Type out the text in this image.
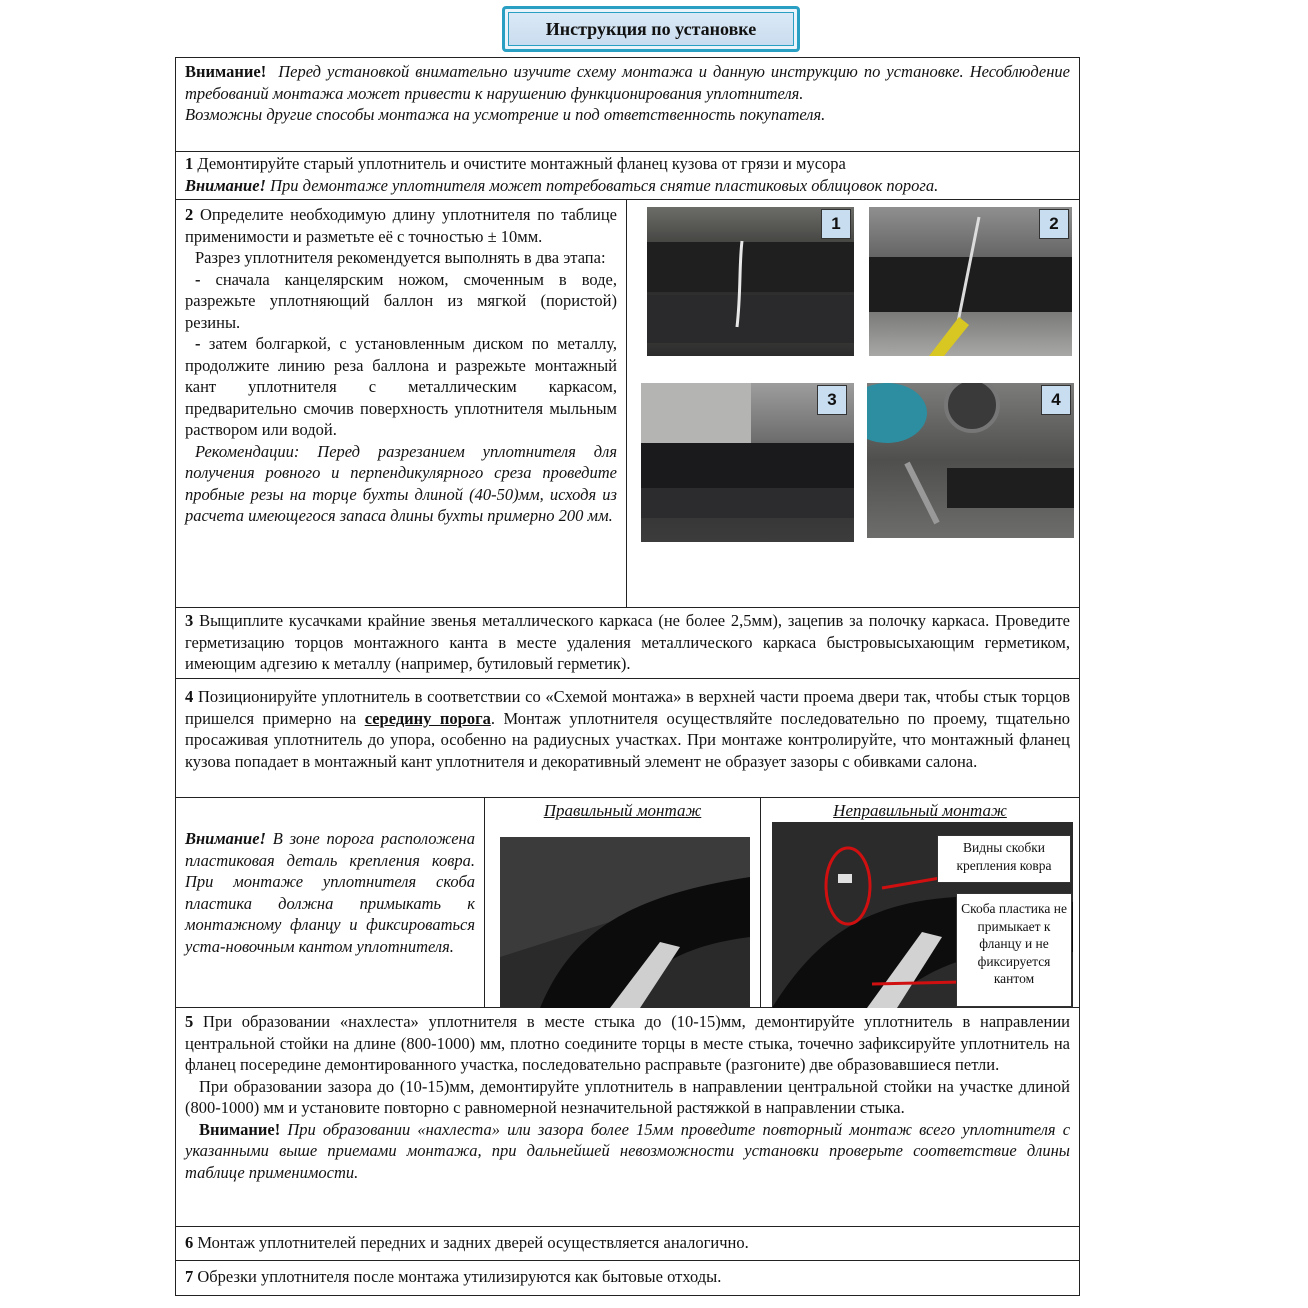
Инструкция по установке

Внимание! Перед установкой внимательно изучите схему монтажа и данную инструкцию по установке. Несоблюдение требований монтажа может привести к нарушению функционирования уплотнителя.

Возможны другие способы монтажа на усмотрение и под ответственность покупателя.

1 Демонтируйте старый уплотнитель и очистите монтажный фланец кузова от грязи и мусора

Внимание! При демонтаже уплотнителя может потребоваться снятие пластиковых облицовок порога.

2 Определите необходимую длину уплотнителя по таблице применимости и разметьте её с точностью ± 10мм.

Разрез уплотнителя рекомендуется выполнять в два этапа:

- сначала канцелярским ножом, смоченным в воде, разрежьте уплотняющий баллон из мягкой (пористой) резины.

- затем болгаркой, с установленным диском по металлу, продолжите линию реза баллона и разрежьте монтажный кант уплотнителя с металлическим каркасом, предварительно смочив поверхность уплотнителя мыльным раствором или водой.

Рекомендации: Перед разрезанием уплотнителя для получения ровного и перпендикулярного среза проведите пробные резы на торце бухты длиной (40-50)мм, исходя из расчета имеющегося запаса длины бухты примерно 200 мм.

1	2
3	4

3 Выщиплите кусачками крайние звенья металлического каркаса (не более 2,5мм), зацепив за полочку каркаса. Проведите герметизацию торцов монтажного канта в месте удаления металлического каркаса быстровысыхающим герметиком, имеющим адгезию к металлу (например, бутиловый герметик).

4 Позиционируйте уплотнитель в соответствии со «Схемой монтажа» в верхней части проема двери так, чтобы стык торцов пришелся примерно на середину порога. Монтаж уплотнителя осуществляйте последовательно по проему, тщательно просаживая уплотнитель до упора, особенно на радиусных участках. При монтаже контролируйте, что монтажный фланец кузова попадает в монтажный кант уплотнителя и декоративный элемент не образует зазоры с обивками салона.

Внимание! В зоне порога расположена пластиковая деталь крепления ковра. При монтаже уплотнителя скоба пластика должна примыкать к монтажному фланцу и фиксироваться уста-новочным кантом уплотнителя.

Правильный монтаж	Неправильный монтаж
Видны скобки крепления ковра
Скоба пластика не примыкает к фланцу и не фиксируется кантом

5 При образовании «нахлеста» уплотнителя в месте стыка до (10-15)мм, демонтируйте уплотнитель в направлении центральной стойки на длине (800-1000) мм, плотно соедините торцы в месте стыка, точечно зафиксируйте уплотнитель на фланец посередине демонтированного участка, последовательно расправьте (разгоните) две образовавшиеся петли.

При образовании зазора до (10-15)мм, демонтируйте уплотнитель в направлении центральной стойки на участке длиной (800-1000) мм и установите повторно с равномерной незначительной растяжкой в направлении стыка.

Внимание! При образовании «нахлеста» или зазора более 15мм проведите повторный монтаж всего уплотнителя с указанными выше приемами монтажа, при дальнейшей невозможности установки проверьте соответствие длины таблице применимости.

6 Монтаж уплотнителей передних и задних дверей осуществляется аналогично.

7 Обрезки уплотнителя после монтажа утилизируются как бытовые отходы.
